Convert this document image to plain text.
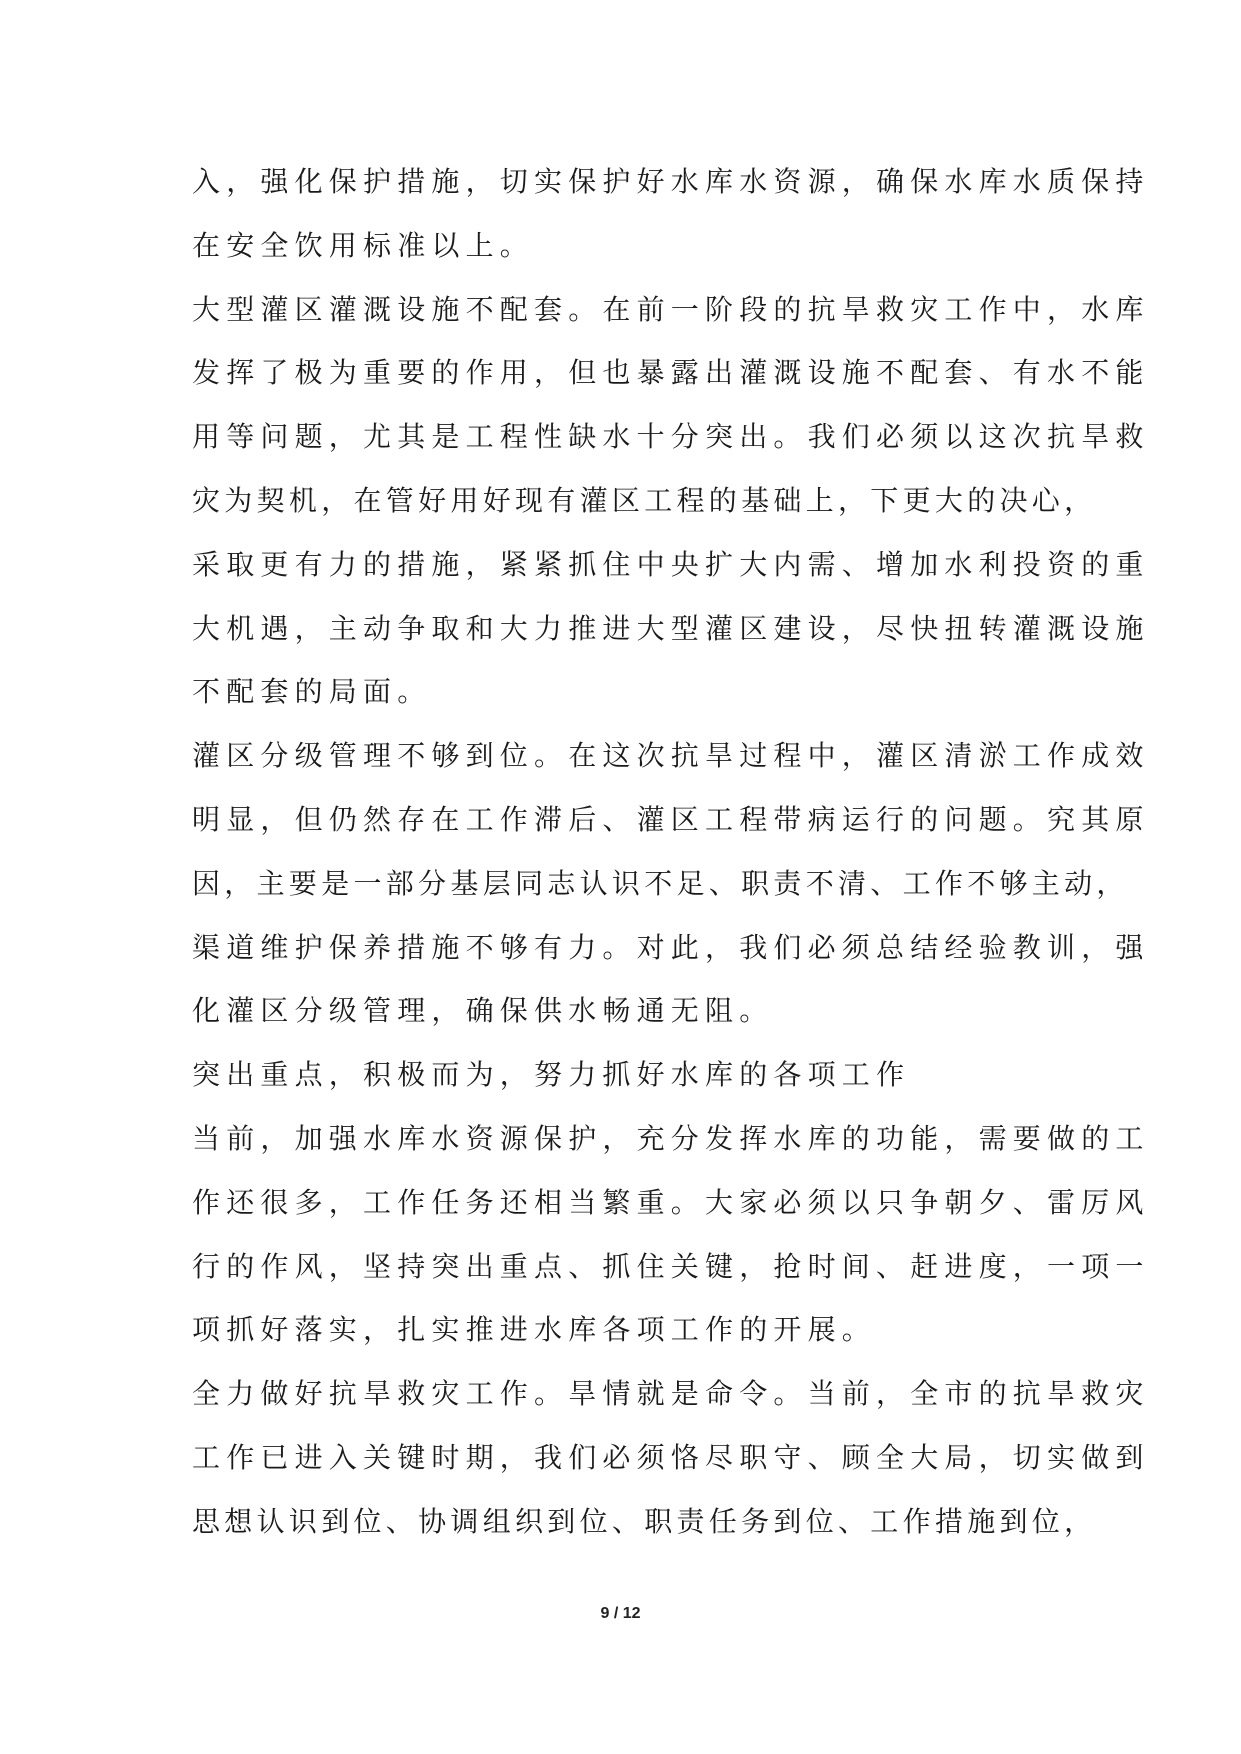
入，强化保护措施，切实保护好水库水资源，确保水库水质保持
在安全饮用标准以上。
大型灌区灌溉设施不配套。在前一阶段的抗旱救灾工作中，水库
发挥了极为重要的作用，但也暴露出灌溉设施不配套、有水不能
用等问题，尤其是工程性缺水十分突出。我们必须以这次抗旱救
灾为契机，在管好用好现有灌区工程的基础上，下更大的决心，
采取更有力的措施，紧紧抓住中央扩大内需、增加水利投资的重
大机遇，主动争取和大力推进大型灌区建设，尽快扭转灌溉设施
不配套的局面。
灌区分级管理不够到位。在这次抗旱过程中，灌区清淤工作成效
明显，但仍然存在工作滞后、灌区工程带病运行的问题。究其原
因，主要是一部分基层同志认识不足、职责不清、工作不够主动，
渠道维护保养措施不够有力。对此，我们必须总结经验教训，强
化灌区分级管理，确保供水畅通无阻。
突出重点，积极而为，努力抓好水库的各项工作
当前，加强水库水资源保护，充分发挥水库的功能，需要做的工
作还很多，工作任务还相当繁重。大家必须以只争朝夕、雷厉风
行的作风，坚持突出重点、抓住关键，抢时间、赶进度，一项一
项抓好落实，扎实推进水库各项工作的开展。
全力做好抗旱救灾工作。旱情就是命令。当前，全市的抗旱救灾
工作已进入关键时期，我们必须恪尽职守、顾全大局，切实做到
思想认识到位、协调组织到位、职责任务到位、工作措施到位，
9 / 12
